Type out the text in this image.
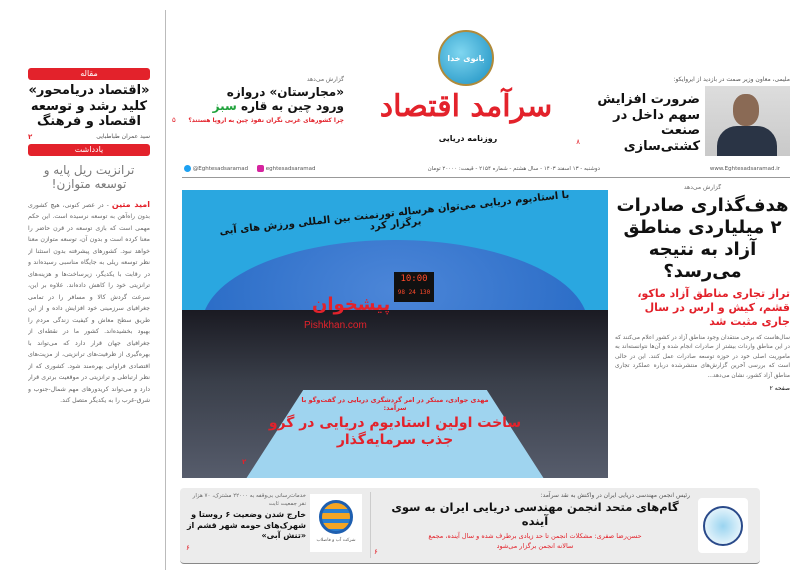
مقاله
«اقتصاد دریامحور» کلید رشد و توسعه اقتصاد و فرهنگ
سید عمران طباطبایی
۲
یادداشت
ترانزیت ریل پایه و توسعه متوازن!
امید متین - در عصر کنونی، هیچ کشوری بدون راه‌آهن به توسعه نرسیده است. این حکم مهمی است که بازی توسعه در قرن حاضر را معنا کرده است و بدون آن، توسعه متوازن معنا خواهد نبود. کشورهای پیشرفته بدون استثنا از نظر توسعه ریلی به جایگاه مناسبی رسیده‌اند و در رقابت با یکدیگر، زیرساخت‌ها و هزینه‌های ترانزیتی خود را کاهش داده‌اند. علاوه بر این، سرعت گردش کالا و مسافر را در تمامی جغرافیای سرزمینی خود افزایش داده و از این طریق سطح معاش و کیفیت زندگی مردم را بهبود بخشیده‌اند. کشور ما در نقطه‌ای از جغرافیای جهان قرار دارد که می‌تواند با بهره‌گیری از ظرفیت‌های ترانزیتی، از مزیت‌های اقتصادی فراوانی بهره‌مند شود. کشوری که از نظر ارتباطی و ترانزیتی در موقعیت برتری قرار دارد و می‌تواند کریدورهای مهم شمال-جنوب و شرق-غرب را به یکدیگر متصل کند.
گزارش می‌دهد
«مجارستان» دروازه
ورود چین به قاره سبز
چرا کشورهای غربی نگران نفوذ چین به اروپا هستند؟
۵
بانوی خدا
سرآمد اقتصاد
روزنامه دریایی	۸
ملیمی، معاون وزیر صمت در بازدید از ایروایکو:
ضرورت افزایش سهم داخل در صنعت کشتی‌سازی
www.Eghtesadsaramad.ir
دوشنبه - ۱۳ اسفند ۱۴۰۳ - سال هشتم - شماره ۲۱۵۴ - قیمت: ۲۰۰۰۰ تومان
eghtesadsaramad
@Eghtesadsaramad
با استادیوم دریایی می‌توان هرساله تورنمنت بین المللی ورزش های آبی برگزار کرد
10:00
130 24 98
پیشخوان
Pishkhan.com
مهدی جوادی، مبتکر در امر گردشگری دریایی در گفت‌وگو با سرآمد:
ساخت اولین استادیوم دریایی در گرو جذب سرمایه‌گذار
۲
گزارش می‌دهد
هدف‌گذاری صادرات ۲ میلیاردی مناطق آزاد به نتیجه می‌رسد؟
تراز تجاری مناطق آزاد ماکو، قشم، کیش و ارس در سال جاری مثبت شد
سال‌هاست که برخی منتقدان وجود مناطق آزاد در کشور اعلام می‌کنند که در این مناطق واردات بیشتر از صادرات انجام شده و آن‌ها نتوانسته‌اند به ماموریت اصلی خود در حوزه توسعه صادرات عمل کنند. این در حالی است که بررسی آخرین گزارش‌های منتشرشده درباره عملکرد تجاری مناطق آزاد کشور، نشان می‌دهد...
صفحه ۲
رئیس انجمن مهندسی دریایی ایران در واکنش به نقد سرآمد:
گام‌های متحد انجمن مهندسی دریایی ایران به سوی آینده
حسن‌رضا صفری: مشکلات انجمن تا حد زیادی برطرف شده و سال آینده، مجمع سالانه انجمن برگزار می‌شود
۶
شرکت آب و فاضلاب
خدمات‌رسانی بی‌وقفه به ۲۲۰۰۰ مشترک، ۷۰ هزار نفر جمعیت ثابت
خارج شدن وضعیت ۶ روستا و شهرک‌های حومه شهر قشم از «تنش آبی»
۶
